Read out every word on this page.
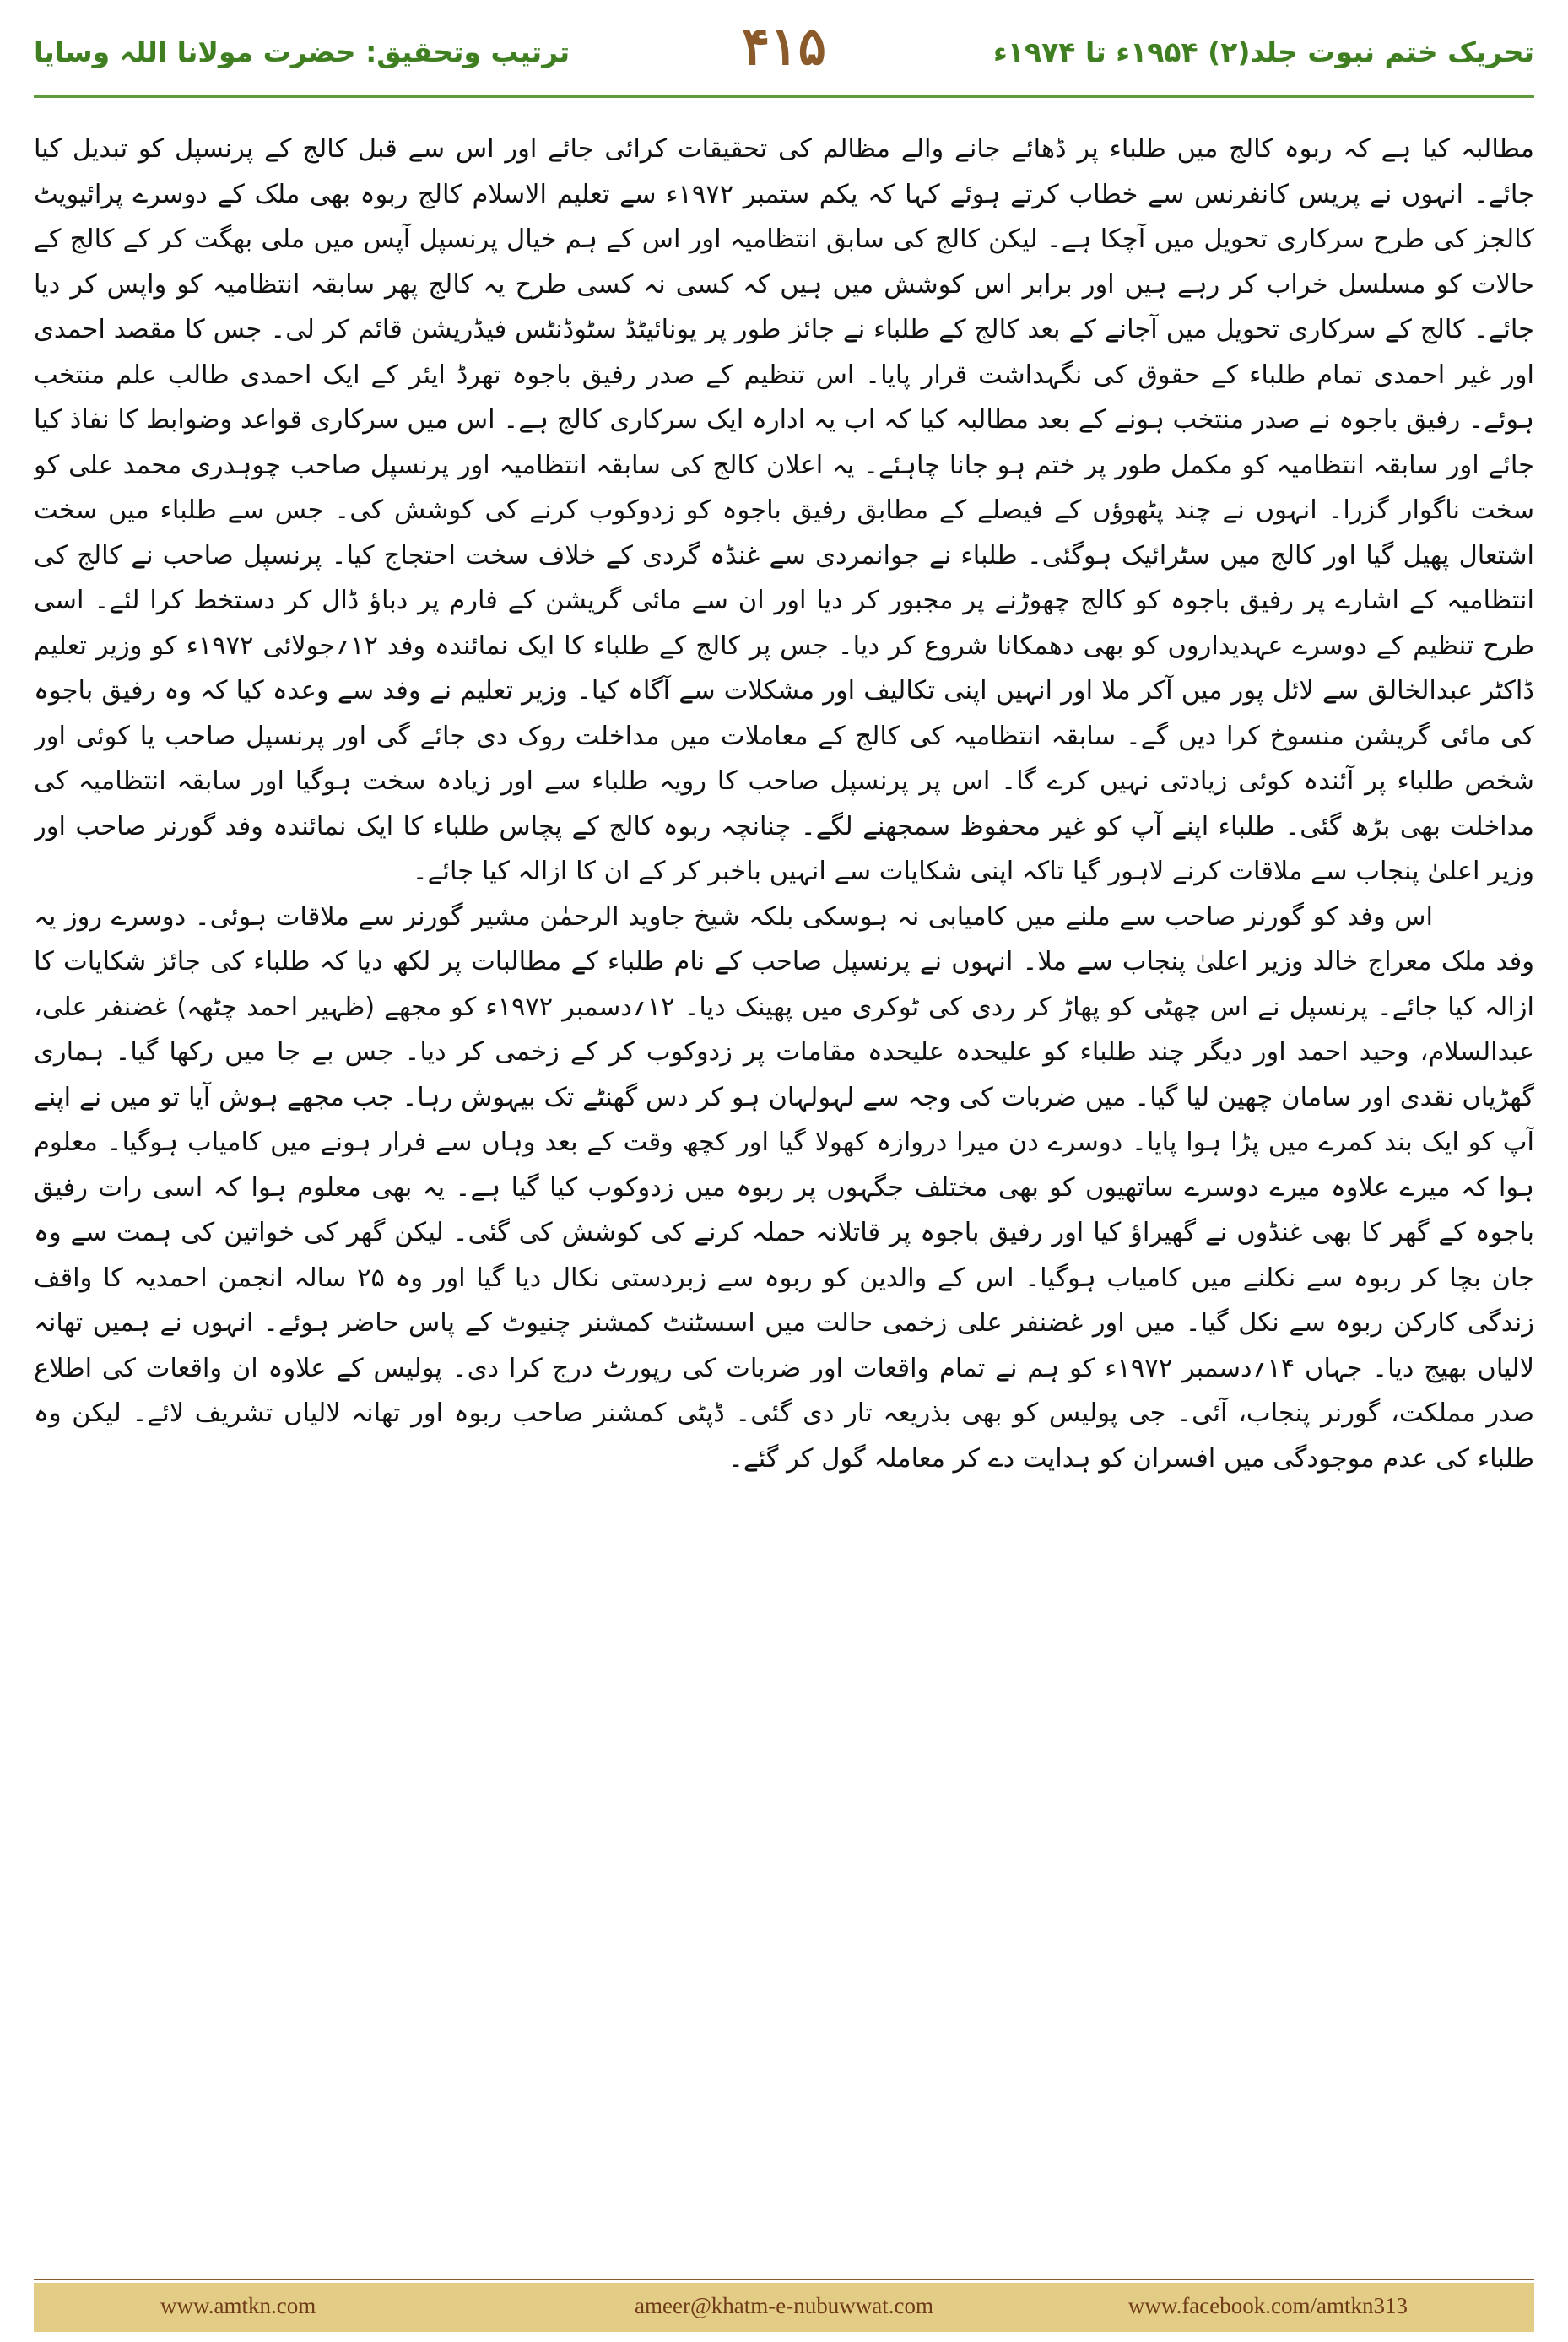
ترتیب وتحقیق: حضرت مولانا اللہ وسایا	۴۱۵	تحریک ختم نبوت جلد(۲) ۱۹۵۴ء تا ۱۹۷۴ء

مطالبہ کیا ہے کہ ربوہ کالج میں طلباء پر ڈھائے جانے والے مظالم کی تحقیقات کرائی جائے اور اس سے قبل کالج کے پرنسپل کو تبدیل کیا جائے۔ انہوں نے پریس کانفرنس سے خطاب کرتے ہوئے کہا کہ یکم ستمبر ۱۹۷۲ء سے تعلیم الاسلام کالج ربوہ بھی ملک کے دوسرے پرائیویٹ کالجز کی طرح سرکاری تحویل میں آچکا ہے۔ لیکن کالج کی سابق انتظامیہ اور اس کے ہم خیال پرنسپل آپس میں ملی بھگت کر کے کالج کے حالات کو مسلسل خراب کر رہے ہیں اور برابر اس کوشش میں ہیں کہ کسی نہ کسی طرح یہ کالج پھر سابقہ انتظامیہ کو واپس کر دیا جائے۔ کالج کے سرکاری تحویل میں آجانے کے بعد کالج کے طلباء نے جائز طور پر یونائیٹڈ سٹوڈنٹس فیڈریشن قائم کر لی۔ جس کا مقصد احمدی اور غیر احمدی تمام طلباء کے حقوق کی نگہداشت قرار پایا۔ اس تنظیم کے صدر رفیق باجوہ تھرڈ ایئر کے ایک احمدی طالب علم منتخب ہوئے۔ رفیق باجوہ نے صدر منتخب ہونے کے بعد مطالبہ کیا کہ اب یہ ادارہ ایک سرکاری کالج ہے۔ اس میں سرکاری قواعد وضوابط کا نفاذ کیا جائے اور سابقہ انتظامیہ کو مکمل طور پر ختم ہو جانا چاہئے۔ یہ اعلان کالج کی سابقہ انتظامیہ اور پرنسپل صاحب چوہدری محمد علی کو سخت ناگوار گزرا۔ انہوں نے چند پٹھوؤں کے فیصلے کے مطابق رفیق باجوہ کو زدوکوب کرنے کی کوشش کی۔ جس سے طلباء میں سخت اشتعال پھیل گیا اور کالج میں سٹرائیک ہوگئی۔ طلباء نے جوانمردی سے غنڈہ گردی کے خلاف سخت احتجاج کیا۔ پرنسپل صاحب نے کالج کی انتظامیہ کے اشارے پر رفیق باجوہ کو کالج چھوڑنے پر مجبور کر دیا اور ان سے مائی گریشن کے فارم پر دباؤ ڈال کر دستخط کرا لئے۔ اسی طرح تنظیم کے دوسرے عہدیداروں کو بھی دھمکانا شروع کر دیا۔ جس پر کالج کے طلباء کا ایک نمائندہ وفد ۱۲؍جولائی ۱۹۷۲ء کو وزیر تعلیم ڈاکٹر عبدالخالق سے لائل پور میں آکر ملا اور انہیں اپنی تکالیف اور مشکلات سے آگاہ کیا۔ وزیر تعلیم نے وفد سے وعدہ کیا کہ وہ رفیق باجوہ کی مائی گریشن منسوخ کرا دیں گے۔ سابقہ انتظامیہ کی کالج کے معاملات میں مداخلت روک دی جائے گی اور پرنسپل صاحب یا کوئی اور شخص طلباء پر آئندہ کوئی زیادتی نہیں کرے گا۔ اس پر پرنسپل صاحب کا رویہ طلباء سے اور زیادہ سخت ہوگیا اور سابقہ انتظامیہ کی مداخلت بھی بڑھ گئی۔ طلباء اپنے آپ کو غیر محفوظ سمجھنے لگے۔ چنانچہ ربوہ کالج کے پچاس طلباء کا ایک نمائندہ وفد گورنر صاحب اور وزیر اعلیٰ پنجاب سے ملاقات کرنے لاہور گیا تاکہ اپنی شکایات سے انہیں باخبر کر کے ان کا ازالہ کیا جائے۔

اس وفد کو گورنر صاحب سے ملنے میں کامیابی نہ ہوسکی بلکہ شیخ جاوید الرحمٰن مشیر گورنر سے ملاقات ہوئی۔ دوسرے روز یہ وفد ملک معراج خالد وزیر اعلیٰ پنجاب سے ملا۔ انہوں نے پرنسپل صاحب کے نام طلباء کے مطالبات پر لکھ دیا کہ طلباء کی جائز شکایات کا ازالہ کیا جائے۔ پرنسپل نے اس چھٹی کو پھاڑ کر ردی کی ٹوکری میں پھینک دیا۔ ۱۲؍دسمبر ۱۹۷۲ء کو مجھے (ظہیر احمد چٹھہ) غضنفر علی، عبدالسلام، وحید احمد اور دیگر چند طلباء کو علیحدہ علیحدہ مقامات پر زدوکوب کر کے زخمی کر دیا۔ جس بے جا میں رکھا گیا۔ ہماری گھڑیاں نقدی اور سامان چھین لیا گیا۔ میں ضربات کی وجہ سے لہولہان ہو کر دس گھنٹے تک بیہوش رہا۔ جب مجھے ہوش آیا تو میں نے اپنے آپ کو ایک بند کمرے میں پڑا ہوا پایا۔ دوسرے دن میرا دروازہ کھولا گیا اور کچھ وقت کے بعد وہاں سے فرار ہونے میں کامیاب ہوگیا۔ معلوم ہوا کہ میرے علاوہ میرے دوسرے ساتھیوں کو بھی مختلف جگہوں پر ربوہ میں زدوکوب کیا گیا ہے۔ یہ بھی معلوم ہوا کہ اسی رات رفیق باجوہ کے گھر کا بھی غنڈوں نے گھیراؤ کیا اور رفیق باجوہ پر قاتلانہ حملہ کرنے کی کوشش کی گئی۔ لیکن گھر کی خواتین کی ہمت سے وہ جان بچا کر ربوہ سے نکلنے میں کامیاب ہوگیا۔ اس کے والدین کو ربوہ سے زبردستی نکال دیا گیا اور وہ ۲۵ سالہ انجمن احمدیہ کا واقف زندگی کارکن ربوہ سے نکل گیا۔ میں اور غضنفر علی زخمی حالت میں اسسٹنٹ کمشنر چنیوٹ کے پاس حاضر ہوئے۔ انہوں نے ہمیں تھانہ لالیاں بھیج دیا۔ جہاں ۱۴؍دسمبر ۱۹۷۲ء کو ہم نے تمام واقعات اور ضربات کی رپورٹ درج کرا دی۔ پولیس کے علاوہ ان واقعات کی اطلاع صدر مملکت، گورنر پنجاب، آئی۔ جی پولیس کو بھی بذریعہ تار دی گئی۔ ڈپٹی کمشنر صاحب ربوہ اور تھانہ لالیاں تشریف لائے۔ لیکن وہ طلباء کی عدم موجودگی میں افسران کو ہدایت دے کر معاملہ گول کر گئے۔

www.amtkn.com	ameer@khatm-e-nubuwwat.com	www.facebook.com/amtkn313
